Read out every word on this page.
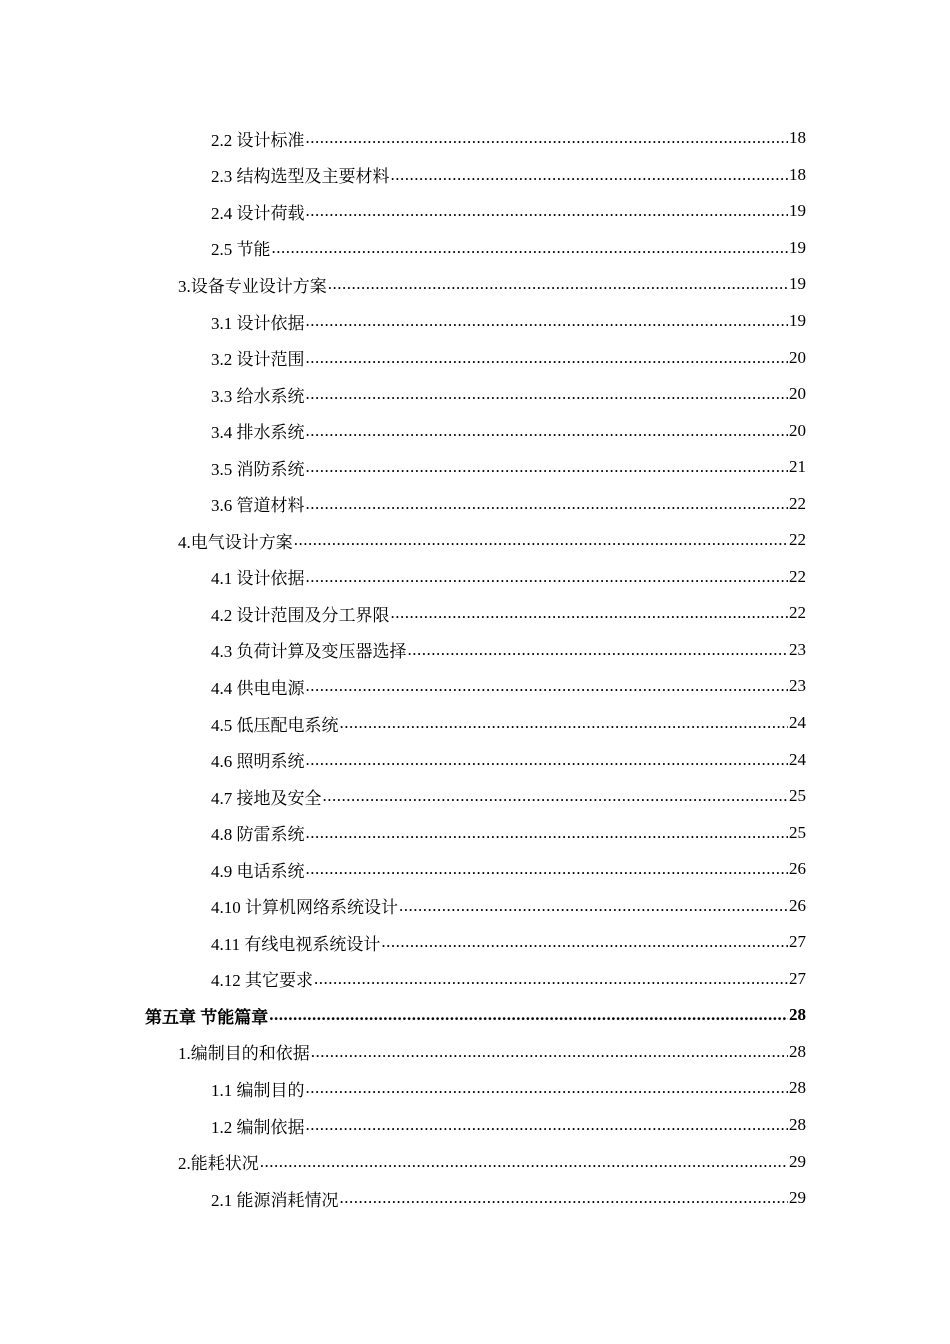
2.2 设计标准 .....	18
2.3 结构选型及主要材料 .....	18
2.4 设计荷载 .....	19
2.5 节能 .....	19
3.设备专业设计方案 .....	19
3.1 设计依据 .....	19
3.2 设计范围 .....	20
3.3 给水系统 .....	20
3.4 排水系统 .....	20
3.5 消防系统 .....	21
3.6 管道材料 .....	22
4.电气设计方案 .....	22
4.1 设计依据 .....	22
4.2 设计范围及分工界限 .....	22
4.3 负荷计算及变压器选择 .....	23
4.4 供电电源 .....	23
4.5 低压配电系统 .....	24
4.6 照明系统 .....	24
4.7 接地及安全 .....	25
4.8 防雷系统 .....	25
4.9 电话系统 .....	26
4.10 计算机网络系统设计 .....	26
4.11 有线电视系统设计 .....	27
4.12 其它要求 .....	27
第五章 节能篇章 .....	28
1.编制目的和依据 .....	28
1.1 编制目的 .....	28
1.2 编制依据 .....	28
2.能耗状况 .....	29
2.1 能源消耗情况 .....	29
